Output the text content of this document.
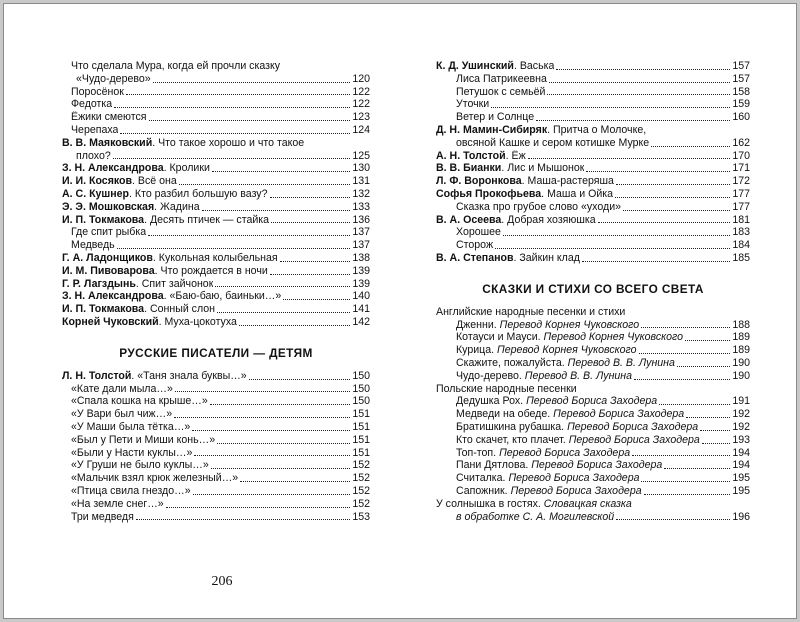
Что сделала Мура, когда ей прочли сказку
«Чудо-дерево»	120
Поросёнок	122
Федотка	122
Ёжики смеются	123
Черепаха	124
В. В. Маяковский. Что такое хорошо и что такое
плохо?	125
З. Н. Александрова. Кролики	130
И. И. Косяков. Всё она	131
А. С. Кушнер. Кто разбил большую вазу?	132
Э. Э. Мошковская. Жадина	133
И. П. Токмакова. Десять птичек — стайка	136
Где спит рыбка	137
Медведь	137
Г. А. Ладонщиков. Кукольная колыбельная	138
И. М. Пивоварова. Что рождается в ночи	139
Г. Р. Лагздынь. Спит зайчонок	139
З. Н. Александрова. «Баю-баю, баиньки…»	140
И. П. Токмакова. Сонный слон	141
Корней Чуковский. Муха-цокотуха	142
РУССКИЕ ПИСАТЕЛИ — ДЕТЯМ
Л. Н. Толстой. «Таня знала буквы…»	150
«Кате дали мыла…»	150
«Спала кошка на крыше…»	150
«У Вари был чиж…»	151
«У Маши была тётка…»	151
«Был у Пети и Миши конь…»	151
«Были у Насти куклы…»	151
«У Груши не было куклы…»	152
«Мальчик взял крюк железный…»	152
«Птица свила гнездо…»	152
«На земле снег…»	152
Три медведя	153
К. Д. Ушинский. Васька	157
Лиса Патрикеевна	157
Петушок с семьёй	158
Уточки	159
Ветер и Солнце	160
Д. Н. Мамин-Сибиряк. Притча о Молочке,
овсяной Кашке и сером котишке Мурке	162
А. Н. Толстой. Ёж	170
В. В. Бианки. Лис и Мышонок	171
Л. Ф. Воронкова. Маша-растеряша	172
Софья Прокофьева. Маша и Ойка	177
Сказка про грубое слово «уходи»	177
В. А. Осеева. Добрая хозяюшка	181
Хорошее	183
Сторож	184
В. А. Степанов. Зайкин клад	185
СКАЗКИ И СТИХИ СО ВСЕГО СВЕТА
Английские народные песенки и стихи
Дженни. Перевод Корнея Чуковского	188
Котауси и Мауси. Перевод Корнея Чуковского	189
Курица. Перевод Корнея Чуковского	189
Скажите, пожалуйста. Перевод В. В. Лунина	190
Чудо-дерево. Перевод В. В. Лунина	190
Польские народные песенки
Дедушка Рох. Перевод Бориса Заходера	191
Медведи на обеде. Перевод Бориса Заходера	192
Братишкина рубашка. Перевод Бориса Заходера	192
Кто скачет, кто плачет. Перевод Бориса Заходера	193
Топ-топ. Перевод Бориса Заходера	194
Пани Дятлова. Перевод Бориса Заходера	194
Считалка. Перевод Бориса Заходера	195
Сапожник. Перевод Бориса Заходера	195
У солнышка в гостях. Словацкая сказка
в обработке С. А. Могилевской	196
206
